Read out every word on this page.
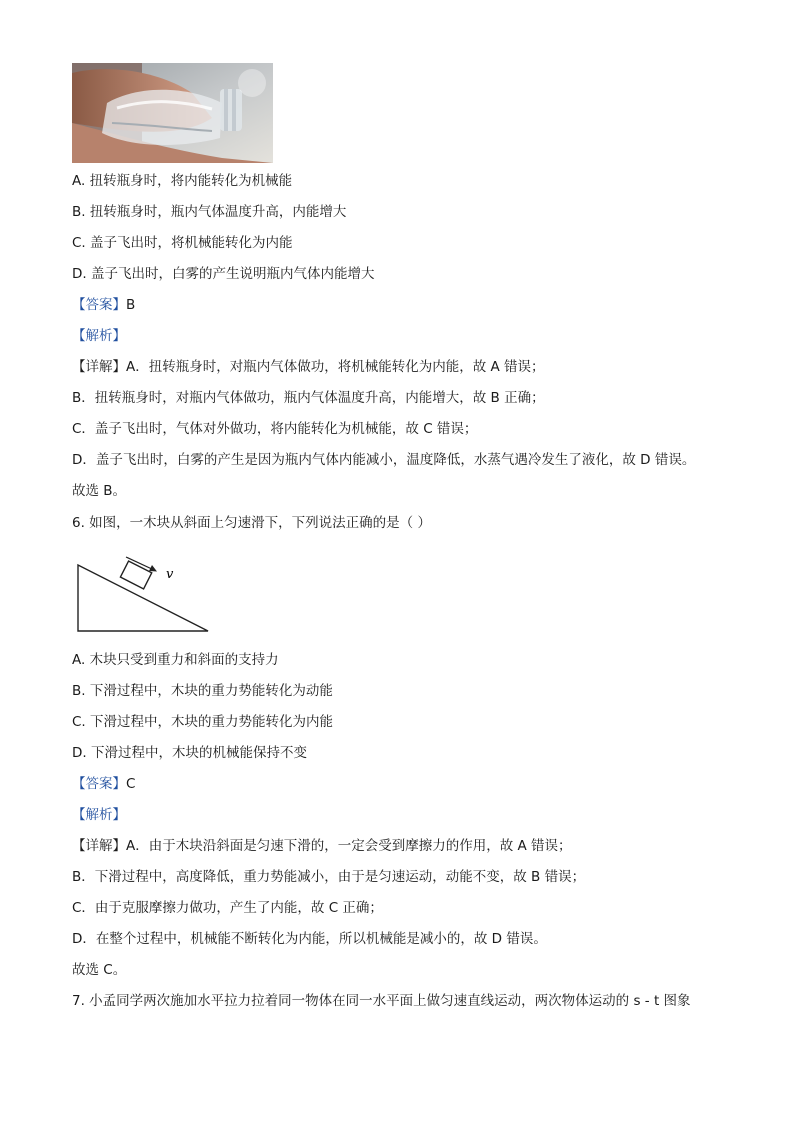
A. 扭转瓶身时，将内能转化为机械能
B. 扭转瓶身时，瓶内气体温度升高，内能增大
C. 盖子飞出时，将机械能转化为内能
D. 盖子飞出时，白雾的产生说明瓶内气体内能增大
【答案】B
【解析】
【详解】A．扭转瓶身时，对瓶内气体做功，将机械能转化为内能，故 A 错误；
B．扭转瓶身时，对瓶内气体做功，瓶内气体温度升高，内能增大，故 B 正确；
C．盖子飞出时，气体对外做功，将内能转化为机械能，故 C 错误；
D．盖子飞出时，白雾的产生是因为瓶内气体内能减小，温度降低，水蒸气遇冷发生了液化，故 D 错误。
故选 B。
6. 如图，一木块从斜面上匀速滑下，下列说法正确的是（ ）
v
A. 木块只受到重力和斜面的支持力
B. 下滑过程中，木块的重力势能转化为动能
C. 下滑过程中，木块的重力势能转化为内能
D. 下滑过程中，木块的机械能保持不变
【答案】C
【解析】
【详解】A．由于木块沿斜面是匀速下滑的，一定会受到摩擦力的作用，故 A 错误；
B．下滑过程中，高度降低，重力势能减小，由于是匀速运动，动能不变，故 B 错误；
C．由于克服摩擦力做功，产生了内能，故 C 正确；
D．在整个过程中，机械能不断转化为内能，所以机械能是减小的，故 D 错误。
故选 C。
7. 小孟同学两次施加水平拉力拉着同一物体在同一水平面上做匀速直线运动，两次物体运动的 s - t 图象
